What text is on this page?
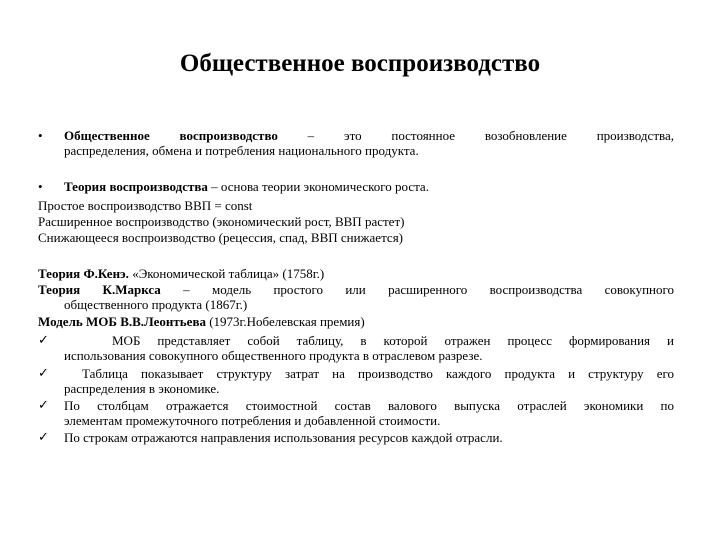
Общественное воспроизводство
• Общественное воспроизводство – это постоянное возобновление производства,
распределения, обмена и потребления национального продукта.
• Теория воспроизводства – основа теории экономического роста.
Простое воспроизводство ВВП = const
Расширенное воспроизводство (экономический рост, ВВП растет)
Снижающееся воспроизводство (рецессия, спад, ВВП снижается)
Теория Ф.Кенэ. «Экономической таблица» (1758г.)
Теория К.Маркса – модель простого или расширенного воспроизводства совокупного
общественного продукта (1867г.)
Модель МОБ В.В.Леонтьева (1973г.Нобелевская премия)
✓	МОБ представляет собой таблицу, в которой отражен процесс формирования и
использования совокупного общественного продукта в отраслевом разрезе.
✓	Таблица показывает структуру затрат на производство каждого продукта и структуру его
распределения в экономике.
✓ По столбцам отражается стоимостной состав валового выпуска отраслей экономики по
элементам промежуточного потребления и добавленной стоимости.
✓ По строкам отражаются направления использования ресурсов каждой отрасли.
